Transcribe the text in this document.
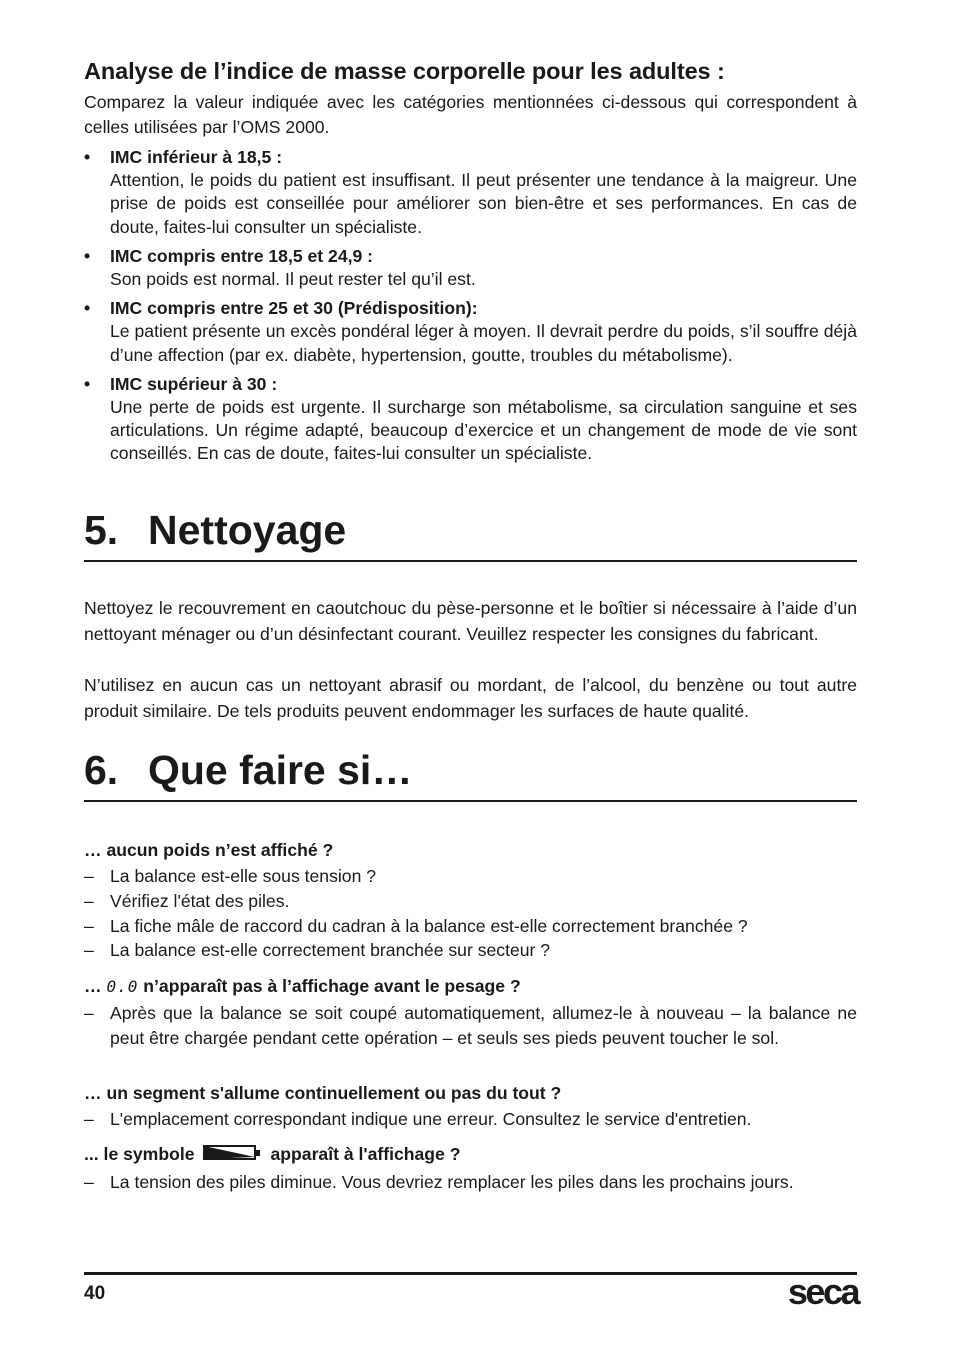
Analyse de l’indice de masse corporelle pour les adultes :

Comparez la valeur indiquée avec les catégories mentionnées ci-dessous qui correspondent à celles utilisées par l’OMS 2000.

• IMC inférieur à 18,5 :
Attention, le poids du patient est insuffisant. Il peut présenter une tendance à la maigreur. Une prise de poids est conseillée pour améliorer son bien-être et ses performances. En cas de doute, faites-lui consulter un spécialiste.
• IMC compris entre 18,5 et 24,9 :
Son poids est normal. Il peut rester tel qu’il est.
• IMC compris entre 25 et 30 (Prédisposition):
Le patient présente un excès pondéral léger à moyen. Il devrait perdre du poids, s’il souffre déjà d’une affection (par ex. diabète, hypertension, goutte, troubles du métabolisme).
• IMC supérieur à 30 :
Une perte de poids est urgente. Il surcharge son métabolisme, sa circulation sanguine et ses articulations. Un régime adapté, beaucoup d’exercice et un changement de mode de vie sont conseillés. En cas de doute, faites-lui consulter un spécialiste.
5. Nettoyage

Nettoyez le recouvrement en caoutchouc du pèse-personne et le boîtier si nécessaire à l’aide d’un nettoyant ménager ou d’un désinfectant courant. Veuillez respecter les consignes du fabricant.

N’utilisez en aucun cas un nettoyant abrasif ou mordant, de l’alcool, du benzène ou tout autre produit similaire. De tels produits peuvent endommager les surfaces de haute qualité.

6. Que faire si…

… aucun poids n’est affiché ?

– La balance est-elle sous tension ?
– Vérifiez l'état des piles.
– La fiche mâle de raccord du cadran à la balance est-elle correctement branchée ?
– La balance est-elle correctement branchée sur secteur ?

… 0.0 n’apparaît pas à l’affichage avant le pesage ?

– Après que la balance se soit coupé automatiquement, allumez-le à nouveau – la balance ne peut être chargée pendant cette opération – et seuls ses pieds peuvent toucher le sol.

… un segment s'allume continuellement ou pas du tout ?

– L'emplacement correspondant indique une erreur. Consultez le service d'entretien.

... le symbole	apparaît à l'affichage ?

– La tension des piles diminue. Vous devriez remplacer les piles dans les prochains jours.
40	seca
